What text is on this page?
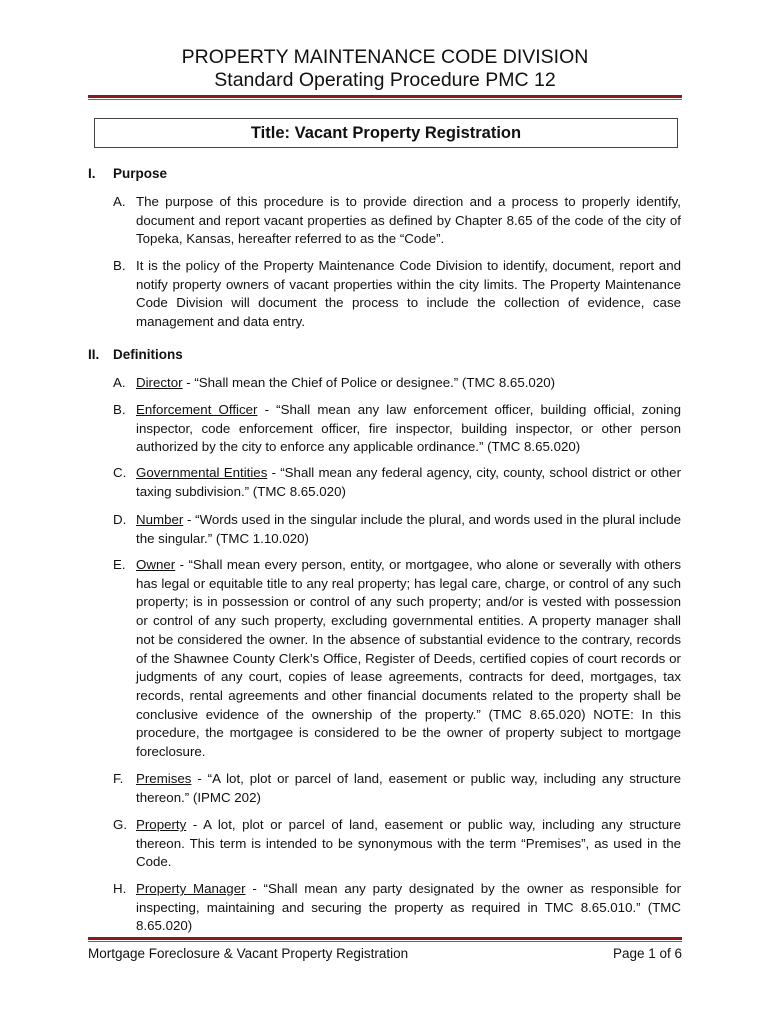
PROPERTY MAINTENANCE CODE DIVISION
Standard Operating Procedure PMC 12
Title: Vacant Property Registration
I. Purpose
A. The purpose of this procedure is to provide direction and a process to properly identify, document and report vacant properties as defined by Chapter 8.65 of the code of the city of Topeka, Kansas, hereafter referred to as the “Code”.
B. It is the policy of the Property Maintenance Code Division to identify, document, report and notify property owners of vacant properties within the city limits. The Property Maintenance Code Division will document the process to include the collection of evidence, case management and data entry.
II. Definitions
A. Director - “Shall mean the Chief of Police or designee.” (TMC 8.65.020)
B. Enforcement Officer - “Shall mean any law enforcement officer, building official, zoning inspector, code enforcement officer, fire inspector, building inspector, or other person authorized by the city to enforce any applicable ordinance.” (TMC 8.65.020)
C. Governmental Entities - “Shall mean any federal agency, city, county, school district or other taxing subdivision.” (TMC 8.65.020)
D. Number - “Words used in the singular include the plural, and words used in the plural include the singular.” (TMC 1.10.020)
E. Owner - “Shall mean every person, entity, or mortgagee, who alone or severally with others has legal or equitable title to any real property; has legal care, charge, or control of any such property; is in possession or control of any such property; and/or is vested with possession or control of any such property, excluding governmental entities. A property manager shall not be considered the owner. In the absence of substantial evidence to the contrary, records of the Shawnee County Clerk’s Office, Register of Deeds, certified copies of court records or judgments of any court, copies of lease agreements, contracts for deed, mortgages, tax records, rental agreements and other financial documents related to the property shall be conclusive evidence of the ownership of the property.” (TMC 8.65.020) NOTE: In this procedure, the mortgagee is considered to be the owner of property subject to mortgage foreclosure.
F. Premises - “A lot, plot or parcel of land, easement or public way, including any structure thereon.” (IPMC 202)
G. Property - A lot, plot or parcel of land, easement or public way, including any structure thereon. This term is intended to be synonymous with the term “Premises”, as used in the Code.
H. Property Manager - “Shall mean any party designated by the owner as responsible for inspecting, maintaining and securing the property as required in TMC 8.65.010.” (TMC 8.65.020)
Mortgage Foreclosure & Vacant Property Registration	Page 1 of 6
